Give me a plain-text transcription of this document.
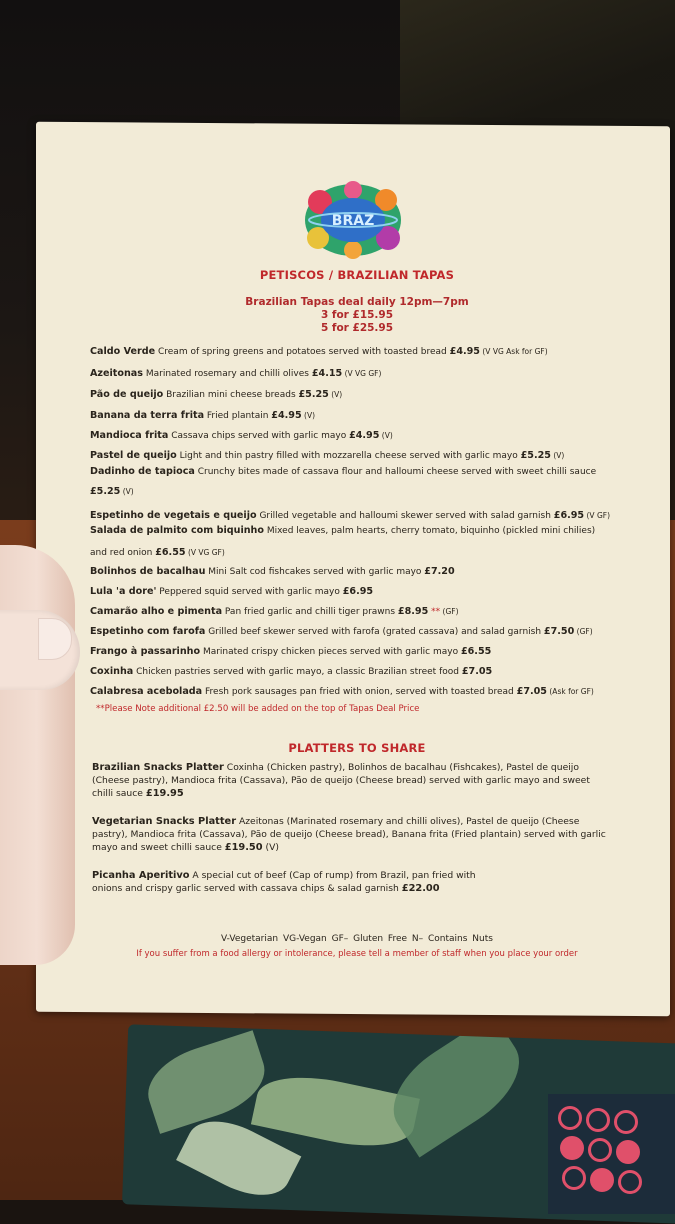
BRAZ
PETISCOS / BRAZILIAN TAPAS
Brazilian Tapas deal daily 12pm—7pm
3 for £15.95
5 for £25.95
Caldo Verde Cream of spring greens and potatoes served with toasted bread £4.95 (V VG Ask for GF)
Azeitonas Marinated rosemary and chilli olives £4.15 (V VG GF)
Pão de queijo Brazilian mini cheese breads £5.25 (V)
Banana da terra frita Fried plantain £4.95 (V)
Mandioca frita Cassava chips served with garlic mayo £4.95 (V)
Pastel de queijo Light and thin pastry filled with mozzarella cheese served with garlic mayo £5.25 (V)
Dadinho de tapioca Crunchy bites made of cassava flour and halloumi cheese served with sweet chilli sauce £5.25 (V)
Espetinho de vegetais e queijo Grilled vegetable and halloumi skewer served with salad garnish £6.95 (V GF)
Salada de palmito com biquinho Mixed leaves, palm hearts, cherry tomato, biquinho (pickled mini chilies) and red onion £6.55 (V VG GF)
Bolinhos de bacalhau Mini Salt cod fishcakes served with garlic mayo £7.20
Lula 'a dore' Peppered squid served with garlic mayo £6.95
Camarão alho e pimenta Pan fried garlic and chilli tiger prawns £8.95 ** (GF)
Espetinho com farofa Grilled beef skewer served with farofa (grated cassava) and salad garnish £7.50 (GF)
Frango à passarinho Marinated crispy chicken pieces served with garlic mayo £6.55
Coxinha Chicken pastries served with garlic mayo, a classic Brazilian street food £7.05
Calabresa acebolada Fresh pork sausages pan fried with onion, served with toasted bread £7.05 (Ask for GF)
**Please Note additional £2.50 will be added on the top of Tapas Deal Price
PLATTERS TO SHARE
Brazilian Snacks Platter Coxinha (Chicken pastry), Bolinhos de bacalhau (Fishcakes), Pastel de queijo (Cheese pastry), Mandioca frita (Cassava), Pão de queijo (Cheese bread) served with garlic mayo and sweet chilli sauce £19.95
Vegetarian Snacks Platter Azeitonas (Marinated rosemary and chilli olives), Pastel de queijo (Cheese pastry), Mandioca frita (Cassava), Pão de queijo (Cheese bread), Banana frita (Fried plantain) served with garlic mayo and sweet chilli sauce £19.50 (V)
Picanha Aperitivo A special cut of beef (Cap of rump) from Brazil, pan fried with onions and crispy garlic served with cassava chips & salad garnish £22.00
V-Vegetarian VG-Vegan GF– Gluten Free N– Contains Nuts
If you suffer from a food allergy or intolerance, please tell a member of staff when you place your order
